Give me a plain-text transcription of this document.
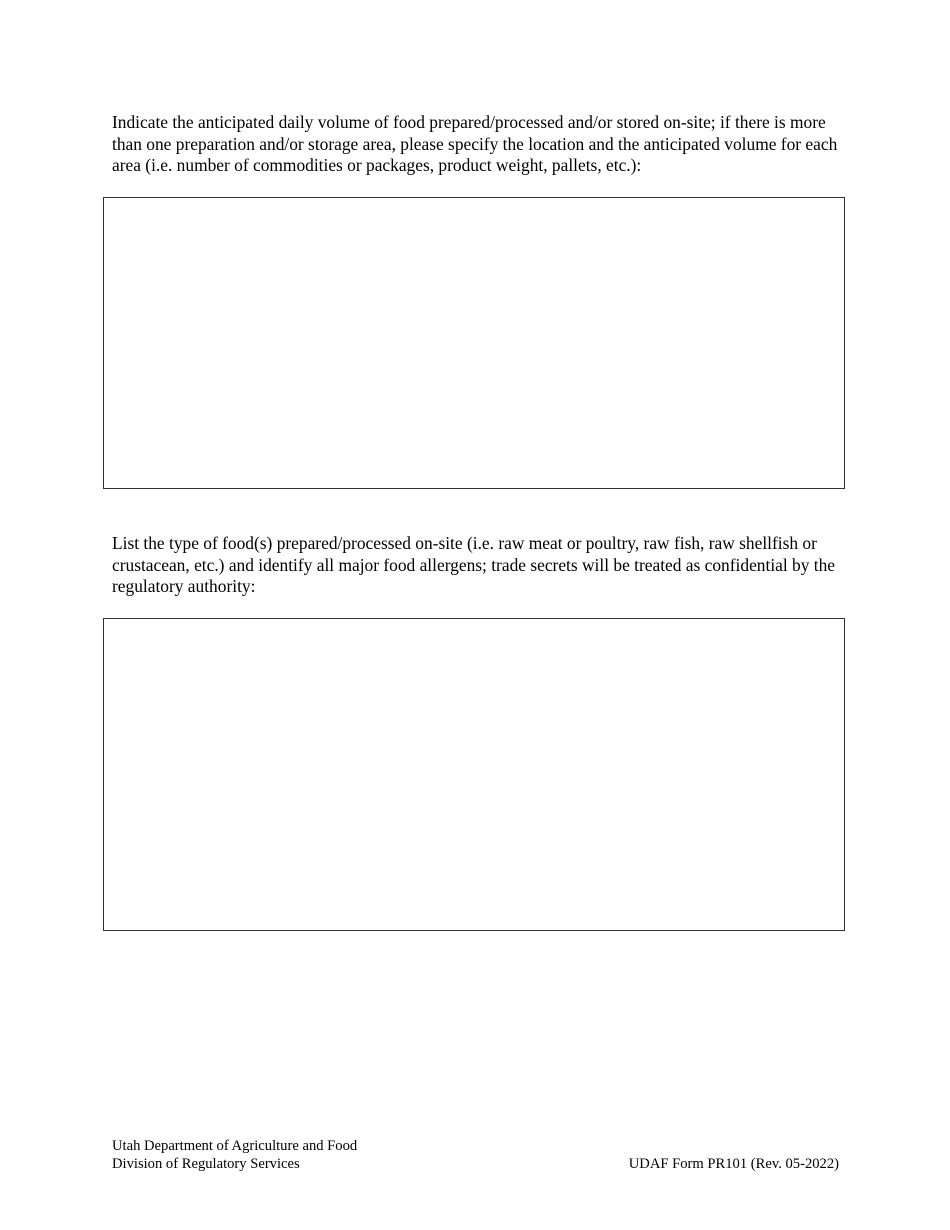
Indicate the anticipated daily volume of food prepared/processed and/or stored on-site; if there is more than one preparation and/or storage area, please specify the location and the anticipated volume for each area (i.e. number of commodities or packages, product weight, pallets, etc.):

List the type of food(s) prepared/processed on-site (i.e. raw meat or poultry, raw fish, raw shellfish or crustacean, etc.) and identify all major food allergens; trade secrets will be treated as confidential by the regulatory authority:

Utah Department of Agriculture and Food
Division of Regulatory Services	UDAF Form PR101 (Rev. 05-2022)
